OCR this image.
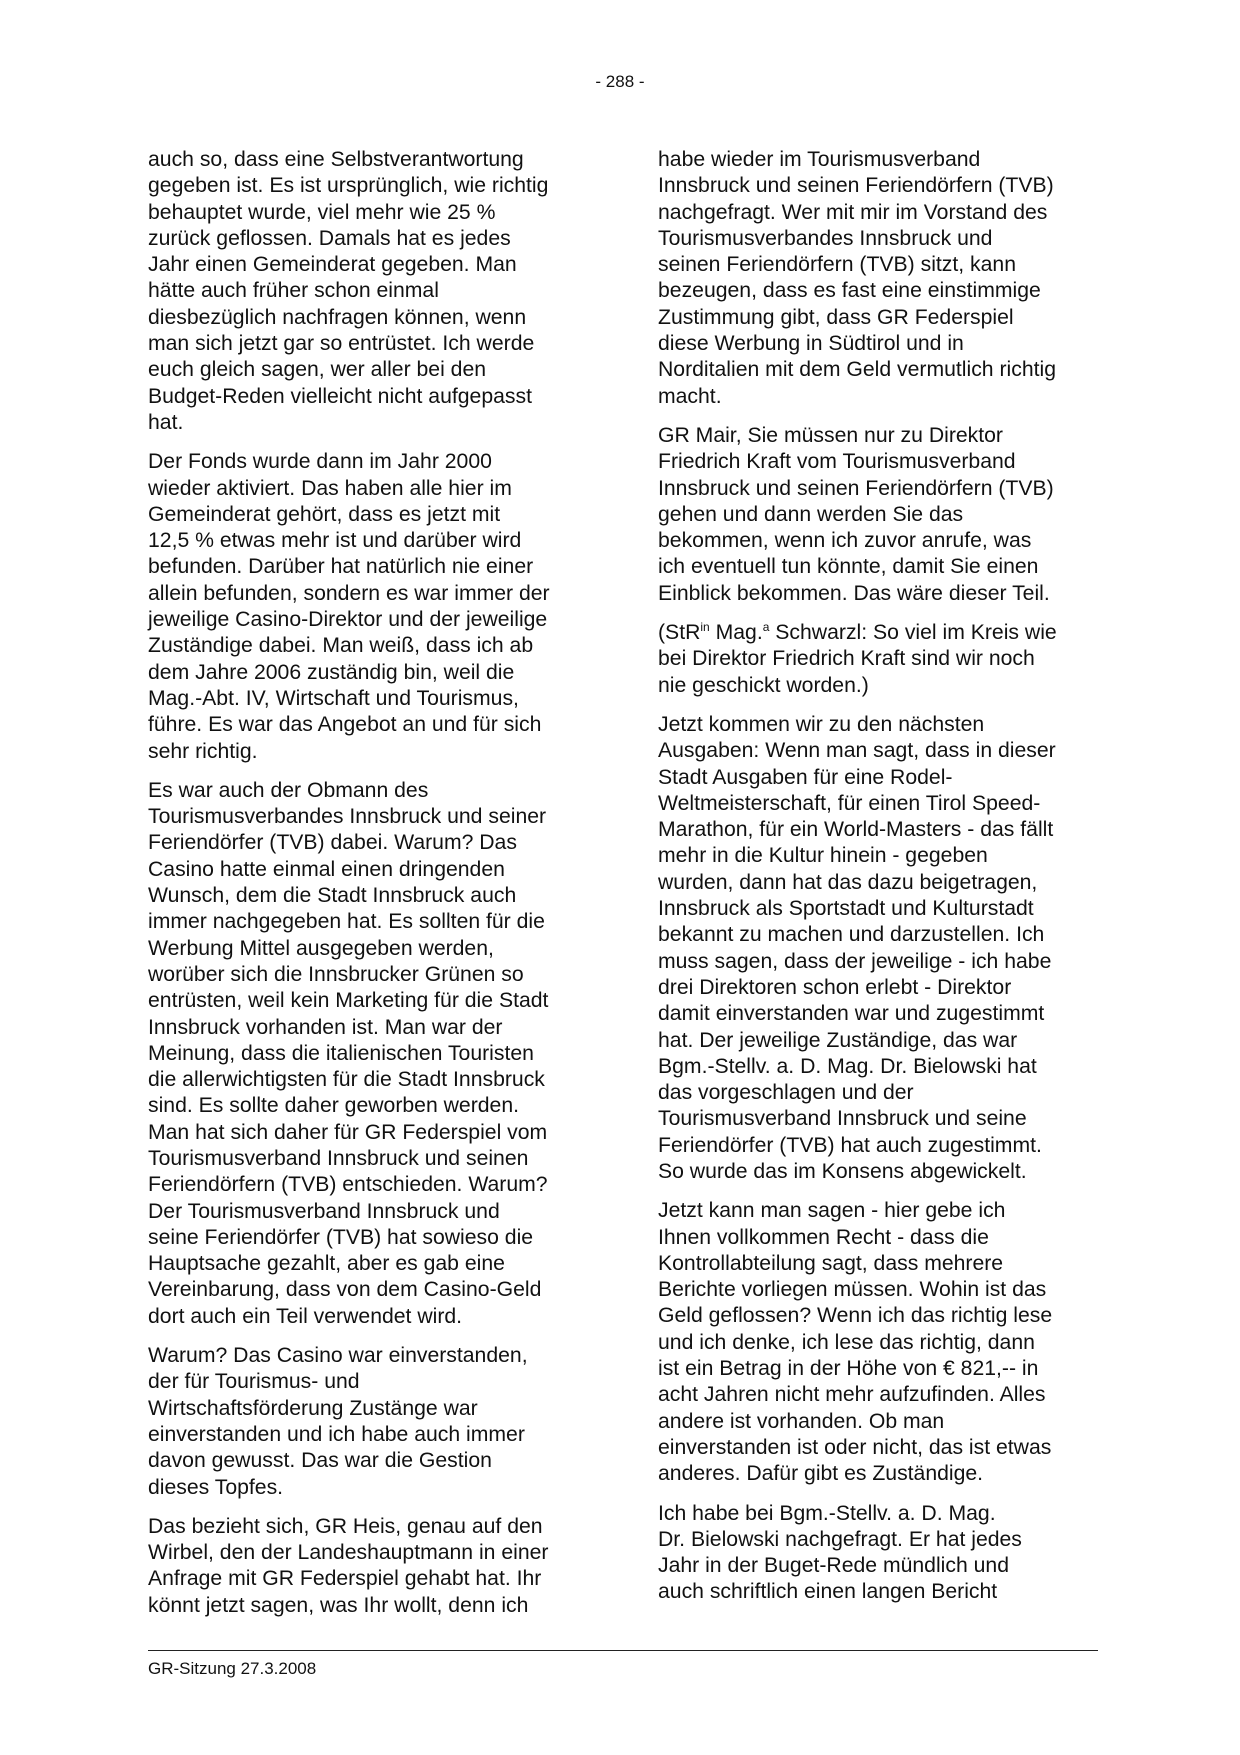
- 288 -

auch so, dass eine Selbstverantwortung
gegeben ist. Es ist ursprünglich, wie richtig
behauptet wurde, viel mehr wie 25 %
zurück geflossen. Damals hat es jedes
Jahr einen Gemeinderat gegeben. Man
hätte auch früher schon einmal
diesbezüglich nachfragen können, wenn
man sich jetzt gar so entrüstet. Ich werde
euch gleich sagen, wer aller bei den
Budget-Reden vielleicht nicht aufgepasst
hat.

Der Fonds wurde dann im Jahr 2000
wieder aktiviert. Das haben alle hier im
Gemeinderat gehört, dass es jetzt mit
12,5 % etwas mehr ist und darüber wird
befunden. Darüber hat natürlich nie einer
allein befunden, sondern es war immer der
jeweilige Casino-Direktor und der jeweilige
Zuständige dabei. Man weiß, dass ich ab
dem Jahre 2006 zuständig bin, weil die
Mag.-Abt. IV, Wirtschaft und Tourismus,
führe. Es war das Angebot an und für sich
sehr richtig.

Es war auch der Obmann des
Tourismusverbandes Innsbruck und seiner
Feriendörfer (TVB) dabei. Warum? Das
Casino hatte einmal einen dringenden
Wunsch, dem die Stadt Innsbruck auch
immer nachgegeben hat. Es sollten für die
Werbung Mittel ausgegeben werden,
worüber sich die Innsbrucker Grünen so
entrüsten, weil kein Marketing für die Stadt
Innsbruck vorhanden ist. Man war der
Meinung, dass die italienischen Touristen
die allerwichtigsten für die Stadt Innsbruck
sind. Es sollte daher geworben werden.
Man hat sich daher für GR Federspiel vom
Tourismusverband Innsbruck und seinen
Feriendörfern (TVB) entschieden. Warum?
Der Tourismusverband Innsbruck und
seine Feriendörfer (TVB) hat sowieso die
Hauptsache gezahlt, aber es gab eine
Vereinbarung, dass von dem Casino-Geld
dort auch ein Teil verwendet wird.

Warum? Das Casino war einverstanden,
der für Tourismus- und
Wirtschaftsförderung Zustänge war
einverstanden und ich habe auch immer
davon gewusst. Das war die Gestion
dieses Topfes.

Das bezieht sich, GR Heis, genau auf den
Wirbel, den der Landeshauptmann in einer
Anfrage mit GR Federspiel gehabt hat. Ihr
könnt jetzt sagen, was Ihr wollt, denn ich

habe wieder im Tourismusverband
Innsbruck und seinen Feriendörfern (TVB)
nachgefragt. Wer mit mir im Vorstand des
Tourismusverbandes Innsbruck und
seinen Feriendörfern (TVB) sitzt, kann
bezeugen, dass es fast eine einstimmige
Zustimmung gibt, dass GR Federspiel
diese Werbung in Südtirol und in
Norditalien mit dem Geld vermutlich richtig
macht.

GR Mair, Sie müssen nur zu Direktor
Friedrich Kraft vom Tourismusverband
Innsbruck und seinen Feriendörfern (TVB)
gehen und dann werden Sie das
bekommen, wenn ich zuvor anrufe, was
ich eventuell tun könnte, damit Sie einen
Einblick bekommen. Das wäre dieser Teil.

(StR$^{in}$ Mag.$^a$ Schwarzl: So viel im Kreis wie
bei Direktor Friedrich Kraft sind wir noch
nie geschickt worden.)

Jetzt kommen wir zu den nächsten
Ausgaben: Wenn man sagt, dass in dieser
Stadt Ausgaben für eine Rodel-
Weltmeisterschaft, für einen Tirol Speed-
Marathon, für ein World-Masters - das fällt
mehr in die Kultur hinein - gegeben
wurden, dann hat das dazu beigetragen,
Innsbruck als Sportstadt und Kulturstadt
bekannt zu machen und darzustellen. Ich
muss sagen, dass der jeweilige - ich habe
drei Direktoren schon erlebt - Direktor
damit einverstanden war und zugestimmt
hat. Der jeweilige Zuständige, das war
Bgm.-Stellv. a. D. Mag. Dr. Bielowski hat
das vorgeschlagen und der
Tourismusverband Innsbruck und seine
Feriendörfer (TVB) hat auch zugestimmt.
So wurde das im Konsens abgewickelt.

Jetzt kann man sagen - hier gebe ich
Ihnen vollkommen Recht - dass die
Kontrollabteilung sagt, dass mehrere
Berichte vorliegen müssen. Wohin ist das
Geld geflossen? Wenn ich das richtig lese
und ich denke, ich lese das richtig, dann
ist ein Betrag in der Höhe von € 821,-- in
acht Jahren nicht mehr aufzufinden. Alles
andere ist vorhanden. Ob man
einverstanden ist oder nicht, das ist etwas
anderes. Dafür gibt es Zuständige.

Ich habe bei Bgm.-Stellv. a. D. Mag.
Dr. Bielowski nachgefragt. Er hat jedes
Jahr in der Buget-Rede mündlich und
auch schriftlich einen langen Bericht

GR-Sitzung 27.3.2008
